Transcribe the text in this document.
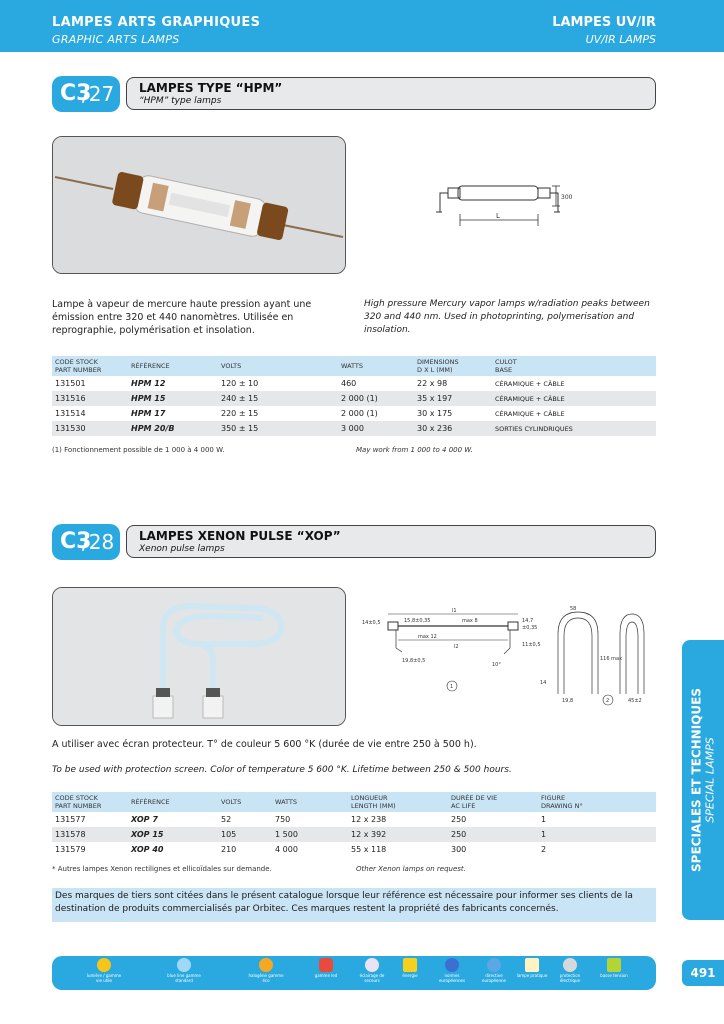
LAMPES ARTS GRAPHIQUES
GRAPHIC ARTS LAMPS
LAMPES UV/IR
UV/IR LAMPS
C3
/27 LAMPES TYPE “HPM”
“HPM” type lamps
L
300
Lampe à vapeur de mercure haute pression ayant une émission entre 320 et 440 nanomètres. Utilisée en reprographie, polymérisation et insolation.
High pressure Mercury vapor lamps w/radiation peaks between 320 and 440 nm. Used in photoprinting, polymerisation and insolation.
CODE STOCK
PART NUMBER	RÉFÉRENCE	VOLTS	WATTS	DIMENSIONS
D X L (MM)	CULOT
BASE
131501	HPM 12	120 ± 10	460	22 x 98	CÉRAMIQUE + CÂBLE
131516	HPM 15	240 ± 15	2 000 (1)	35 x 197	CÉRAMIQUE + CÂBLE
131514	HPM 17	220 ± 15	2 000 (1)	30 x 175	CÉRAMIQUE + CÂBLE
131530	HPM 20/B	350 ± 15	3 000	30 x 236	SORTIES CYLINDRIQUES
(1) Fonctionnement possible de 1 000 à 4 000 W.	May work from 1 000 to 4 000 W.
C3
/28 LAMPES XENON PULSE “XOP”
Xenon pulse lamps
14±0,5	15,8±0,35
l1
max 8	14,7
±0,35
max 12
l2	11±0,5
19,8±0,5
10°
1
58
116 max
14
19,8	2	45±2
A utiliser avec écran protecteur. T° de couleur 5 600 °K (durée de vie entre 250 à 500 h).
To be used with protection screen. Color of temperature 5 600 °K. Lifetime between 250 & 500 hours.
CODE STOCK
PART NUMBER	RÉFÉRENCE	VOLTS	WATTS	LONGUEUR
LENGTH (MM)	DURÉE DE VIE
AC LIFE	FIGURE
DRAWING N°
131577	XOP 7	52	750	12 x 238	250	1
131578	XOP 15	105	1 500	12 x 392	250	1
131579	XOP 40	210	4 000	55 x 118	300	2
* Autres lampes Xenon rectilignes et ellicoïdales sur demande.	Other Xenon lamps on request.	SPECIALES ET TECHNIQUES SPECIAL LAMPS
Des marques de tiers sont citées dans le présent catalogue lorsque leur référence est nécessaire pour informer ses clients de la destination de produits commercialisés par Orbitec. Ces marques restent la propriété des fabricants concernés.
lumière / gamme vie utile
blue line gamme standard
halogène gamme éco
gamme led	éclairage de secours
énergie	normes européennes
directive européenne
lampe pratique	protection électrique
basse tension	491
